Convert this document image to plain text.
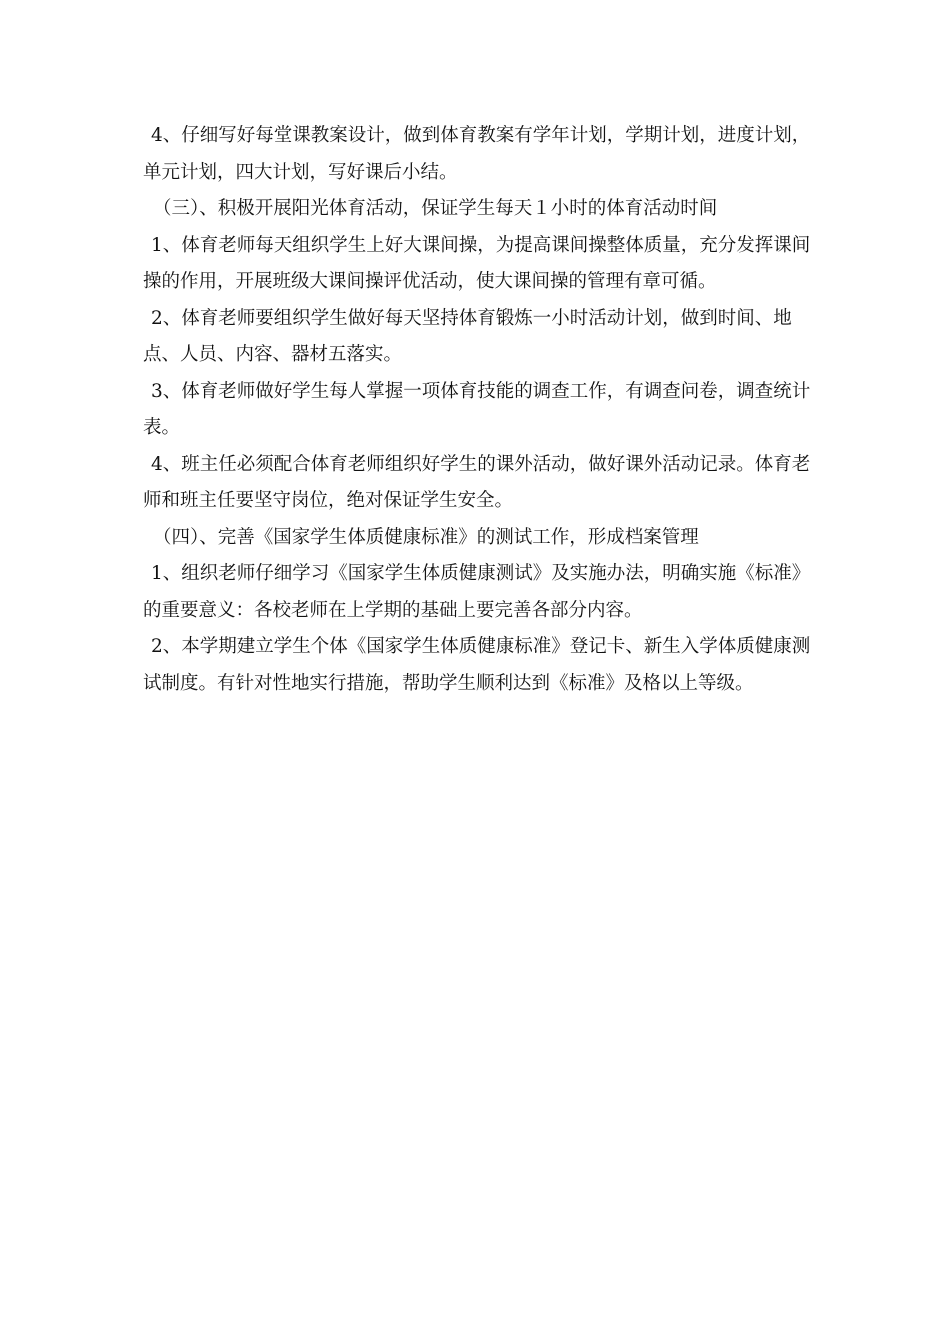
4、仔细写好每堂课教案设计，做到体育教案有学年计划，学期计划，进度计划，单元计划，四大计划，写好课后小结。

（三）、积极开展阳光体育活动，保证学生每天１小时的体育活动时间

1、体育老师每天组织学生上好大课间操，为提高课间操整体质量，充分发挥课间操的作用，开展班级大课间操评优活动，使大课间操的管理有章可循。

2、体育老师要组织学生做好每天坚持体育锻炼一小时活动计划，做到时间、地点、人员、内容、器材五落实。

3、体育老师做好学生每人掌握一项体育技能的调查工作，有调查问卷，调查统计表。

4、班主任必须配合体育老师组织好学生的课外活动，做好课外活动记录。体育老师和班主任要坚守岗位，绝对保证学生安全。

（四）、完善《国家学生体质健康标准》的测试工作，形成档案管理

1、组织老师仔细学习《国家学生体质健康测试》及实施办法，明确实施《标准》的重要意义：各校老师在上学期的基础上要完善各部分内容。

2、本学期建立学生个体《国家学生体质健康标准》登记卡、新生入学体质健康测试制度。有针对性地实行措施，帮助学生顺利达到《标准》及格以上等级。
